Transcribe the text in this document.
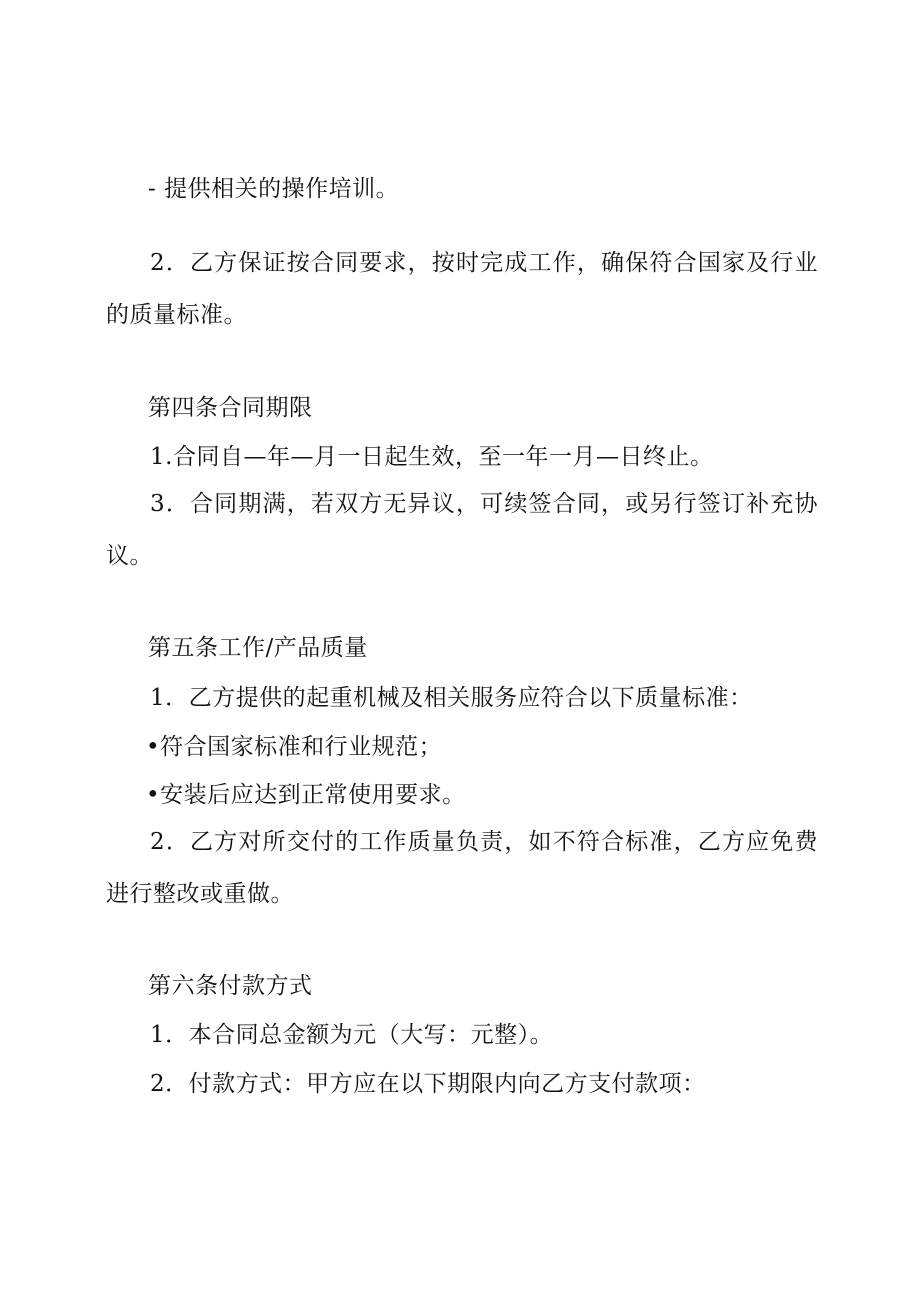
- 提供相关的操作培训。
2．乙方保证按合同要求，按时完成工作，确保符合国家及行业的质量标准。
第四条合同期限
1.合同自—年—月一日起生效，至一年一月—日终止。
3．合同期满，若双方无异议，可续签合同，或另行签订补充协议。
第五条工作/产品质量
1．乙方提供的起重机械及相关服务应符合以下质量标准：
•符合国家标准和行业规范；
•安装后应达到正常使用要求。
2．乙方对所交付的工作质量负责，如不符合标准，乙方应免费进行整改或重做。
第六条付款方式
1．本合同总金额为元（大写：元整）。
2．付款方式：甲方应在以下期限内向乙方支付款项：
